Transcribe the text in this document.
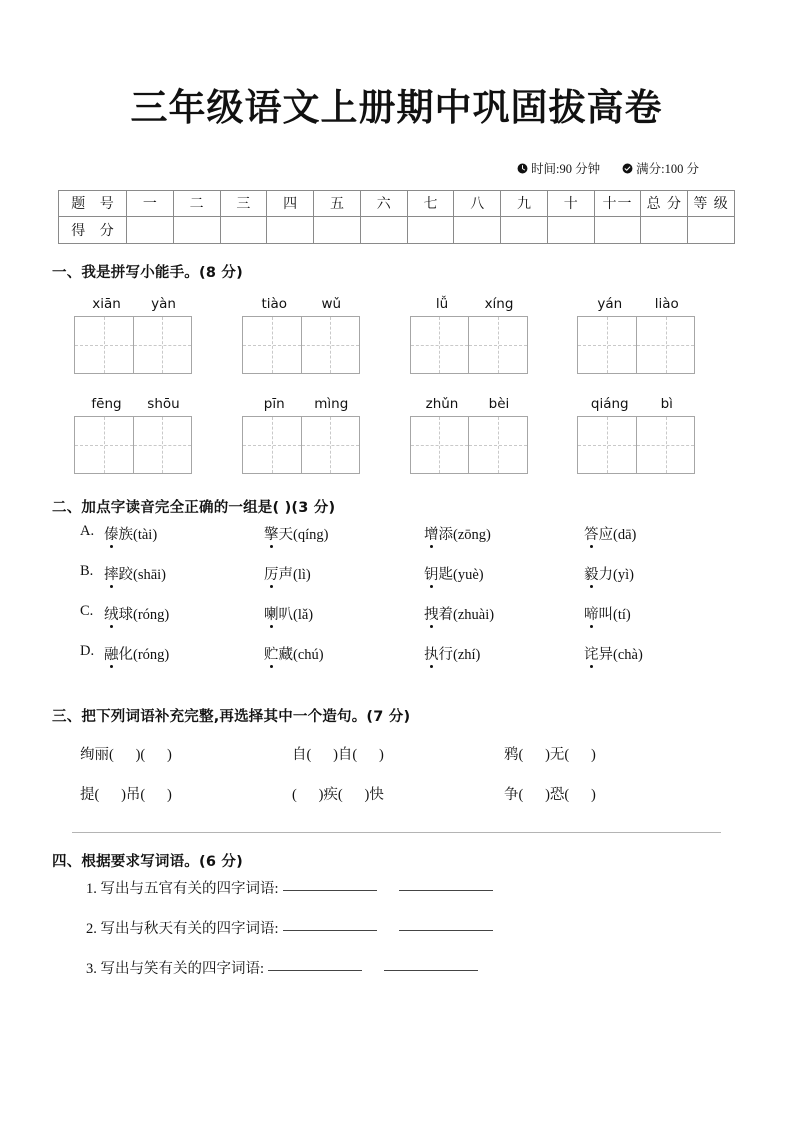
三年级语文上册期中巩固拔高卷
时间:90 分钟	满分:100 分
题 号	一	二	三	四	五	六	七	八	九	十	十一	总 分	等 级
得 分													
一、我是拼写小能手。(8 分)
xiān	yàn	tiào	wǔ	lǚ	xíng	yán	liào
fēng	shōu	pīn	mìng	zhǔn	bèi	qiáng	bì
二、加点字读音完全正确的一组是( )(3 分)
A. 傣族(tài)	擎天(qíng)	增添(zōng)	答应(dā)
B. 摔跤(shāi)	厉声(lì)	钥匙(yuè)	毅力(yì)
C. 绒球(róng)	喇叭(lǎ)	拽着(zhuài)	啼叫(tí)
D. 融化(róng)	贮藏(chú)	执行(zhí)	诧异(chà)
三、把下列词语补充完整,再选择其中一个造句。(7 分)
绚丽(      )(      )	自(      )自(      )	鸦(      )无(      )
提(      )吊(      )	(      )疾(      )快	争(      )恐(      )
四、根据要求写词语。(6 分)
1. 写出与五官有关的四字词语:
2. 写出与秋天有关的四字词语:
3. 写出与笑有关的四字词语:
